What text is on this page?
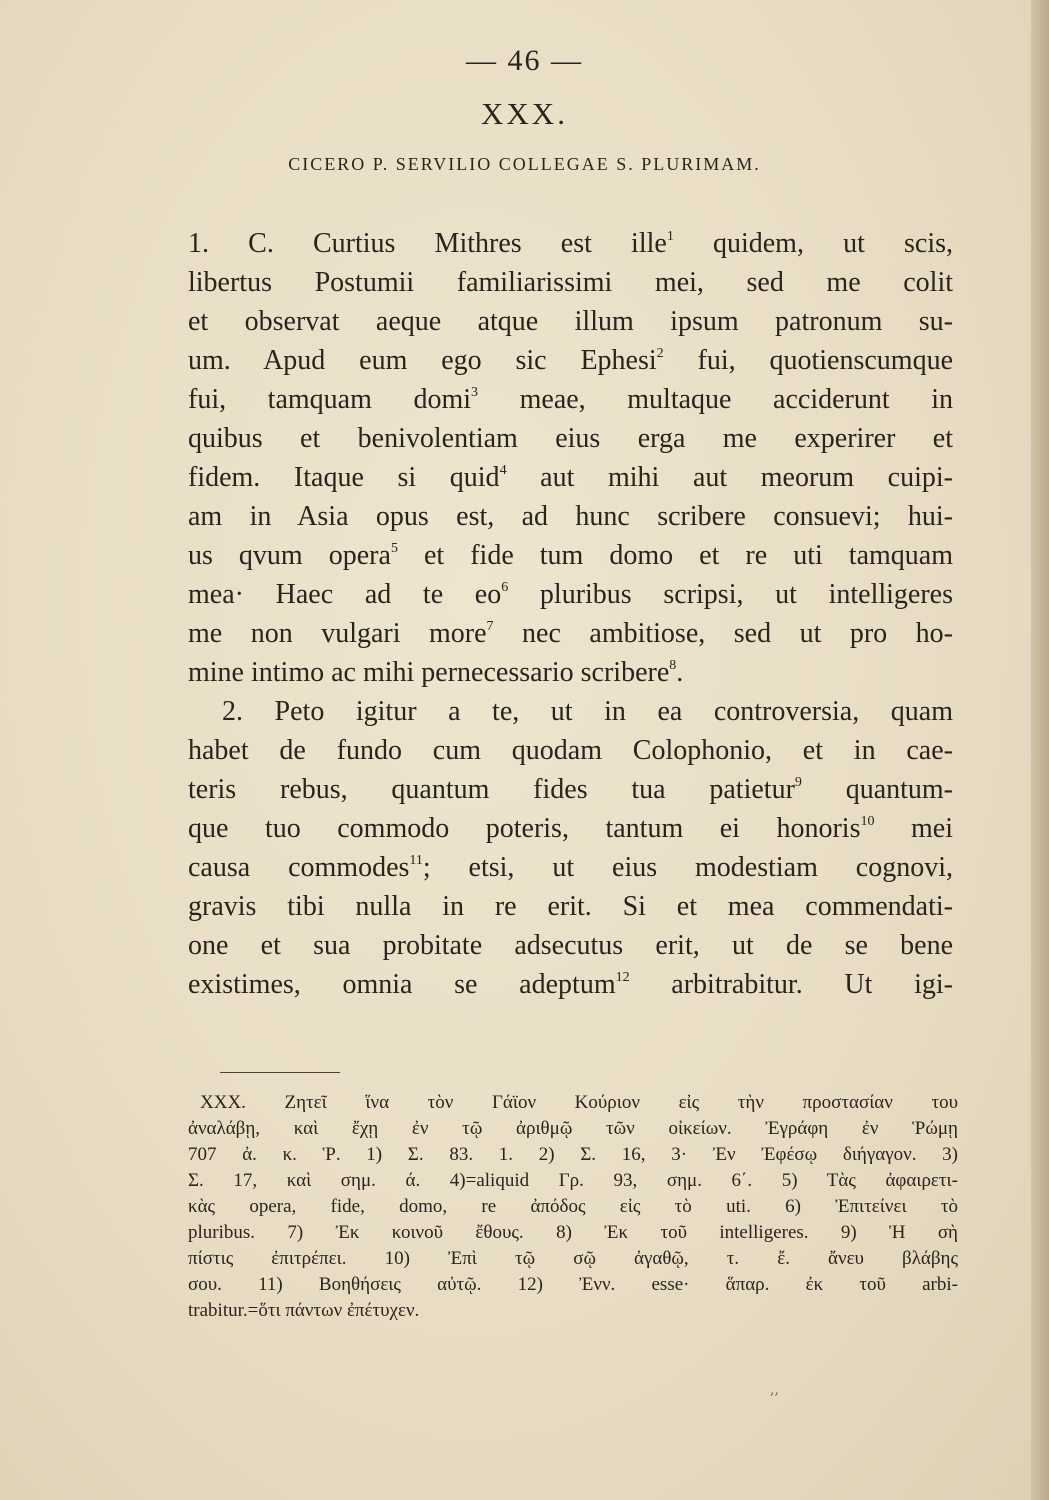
— 46 —
XXX.
CICERO P. SERVILIO COLLEGAE S. PLURIMAM.
1. C. Curtius Mithres est ille$^1$ quidem, ut scis,
libertus Postumii familiarissimi mei, sed me colit
et observat aeque atque illum ipsum patronum su-
um. Apud eum ego sic Ephesi$^2$ fui, quotienscumque
fui, tamquam domi$^3$ meae, multaque acciderunt in
quibus et benivolentiam eius erga me experirer et
fidem. Itaque si quid$^4$ aut mihi aut meorum cuipi-
am in Asia opus est, ad hunc scribere consuevi; hui-
us qvum opera$^5$ et fide tum domo et re uti tamquam
mea· Haec ad te $eo^6$ pluribus scripsi, ut intelligeres
me non vulgari more$^7$ nec ambitiose, sed ut pro ho-
mine intimo ac mihi pernecessario scribere$^8$.
2. Peto igitur a te, ut in ea controversia, quam
habet de fundo cum quodam Colophonio, et in cae-
teris rebus, quantum fides tua patietur$^9$ quantum-
que tuo commodo poteris, tantum ei honoris$^{10}$ mei
causa commodes$^{11}$; etsi, ut eius modestiam cognovi,
gravis tibi nulla in re erit. Si et mea commendati-
one et sua probitate adsecutus erit, ut de se bene
existimes, omnia se adeptum$^{12}$ arbitrabitur. Ut igi-
XXX. Ζητεῖ ἵνα τὸν Γάϊον Κούριον εἰς τὴν προστασίαν του
ἀναλάβῃ, καὶ ἔχῃ ἐν τῷ ἀριθμῷ τῶν οἰκείων. Ἐγράφη ἐν Ῥώμῃ
707 ἀ. κ. Ῥ. 1) Σ. 83. 1. 2) Σ. 16, 3· Ἐν Ἐφέσῳ διήγαγον. 3)
Σ. 17, καὶ σημ. ά. 4)=aliquid Γρ. 93, σημ. 6΄. 5) Τὰς ἀφαιρετι-
κὰς opera, fide, domo, re ἀπόδος εἰς τὸ uti. 6) Ἐπιτείνει τὸ
pluribus. 7) Ἐκ κοινοῦ ἔθους. 8) Ἐκ τοῦ intelligeres. 9) Ἡ σὴ
πίστις ἐπιτρέπει. 10) Ἐπὶ τῷ σῷ ἀγαθῷ, τ. ἔ. ἄνευ βλάβης
σου. 11) Βοηθήσεις αὐτῷ. 12) Ἐνν. esse· ἅπαρ. ἐκ τοῦ arbi-
trabitur.=ὅτι πάντων ἐπέτυχεν.
,,
